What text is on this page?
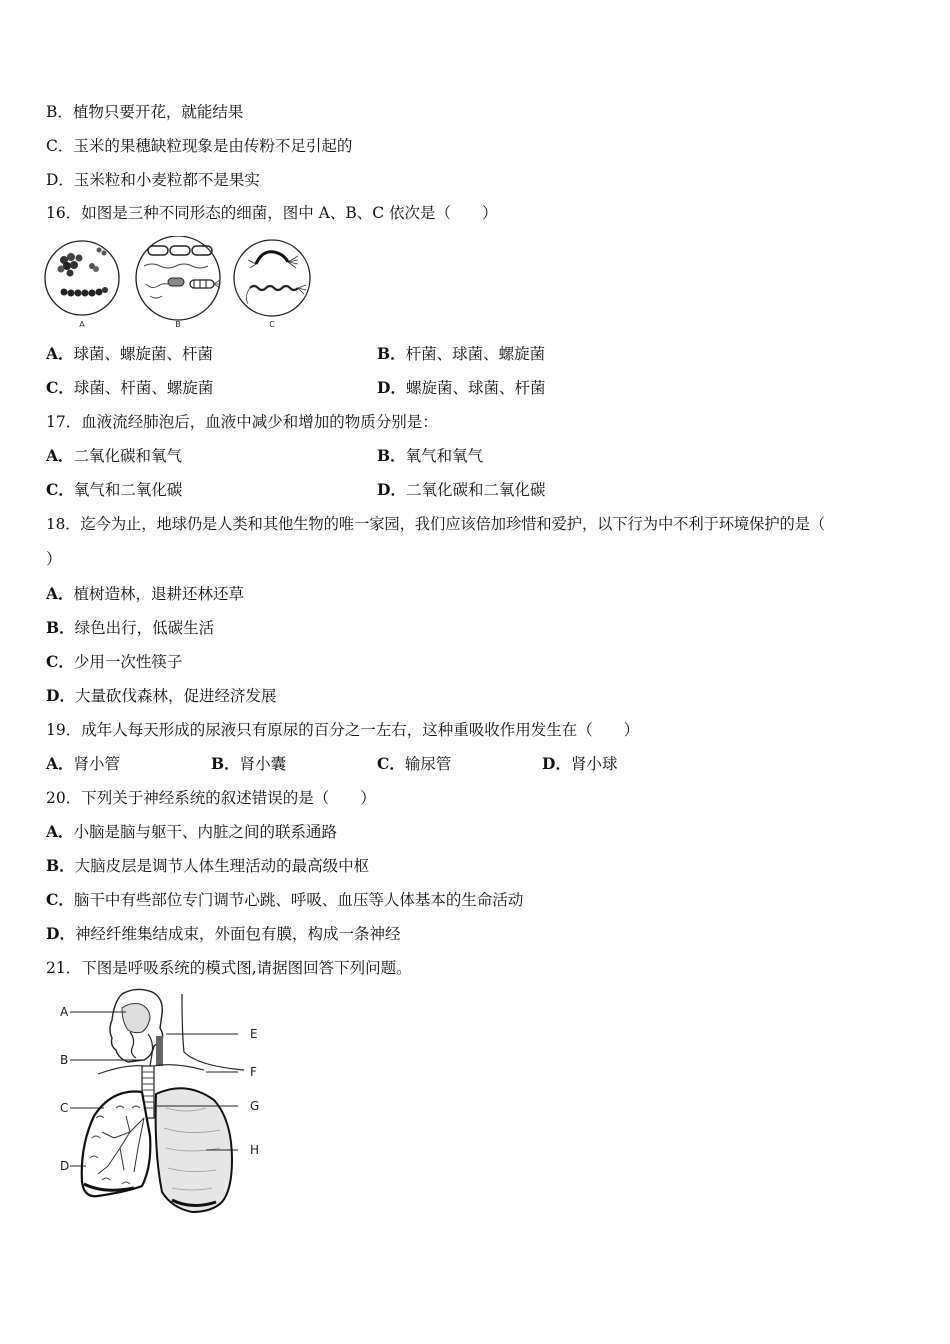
B．植物只要开花，就能结果
C．玉米的果穗缺粒现象是由传粉不足引起的
D．玉米粒和小麦粒都不是果实
16．如图是三种不同形态的细菌，图中 A、B、C 依次是（　　）
A	B	C
A．球菌、螺旋菌、杆菌	B．杆菌、球菌、螺旋菌
C．球菌、杆菌、螺旋菌	D．螺旋菌、球菌、杆菌
17．血液流经肺泡后，血液中减少和增加的物质分别是：
A．二氧化碳和氧气	B．氧气和氧气
C．氧气和二氧化碳	D．二氧化碳和二氧化碳
18．迄今为止，地球仍是人类和其他生物的唯一家园，我们应该倍加珍惜和爱护，以下行为中不利于环境保护的是（
）
A．植树造林，退耕还林还草
B．绿色出行，低碳生活
C．少用一次性筷子
D．大量砍伐森林，促进经济发展
19．成年人每天形成的尿液只有原尿的百分之一左右，这种重吸收作用发生在（　　）
A．肾小管	B．肾小囊	C．输尿管	D．肾小球
20．下列关于神经系统的叙述错误的是（　　）
A．小脑是脑与躯干、内脏之间的联系通路
B．大脑皮层是调节人体生理活动的最高级中枢
C．脑干中有些部位专门调节心跳、呼吸、血压等人体基本的生命活动
D．神经纤维集结成束，外面包有膜，构成一条神经
21．下图是呼吸系统的模式图,请据图回答下列问题。
A
B
C
D
E
F
G
H
